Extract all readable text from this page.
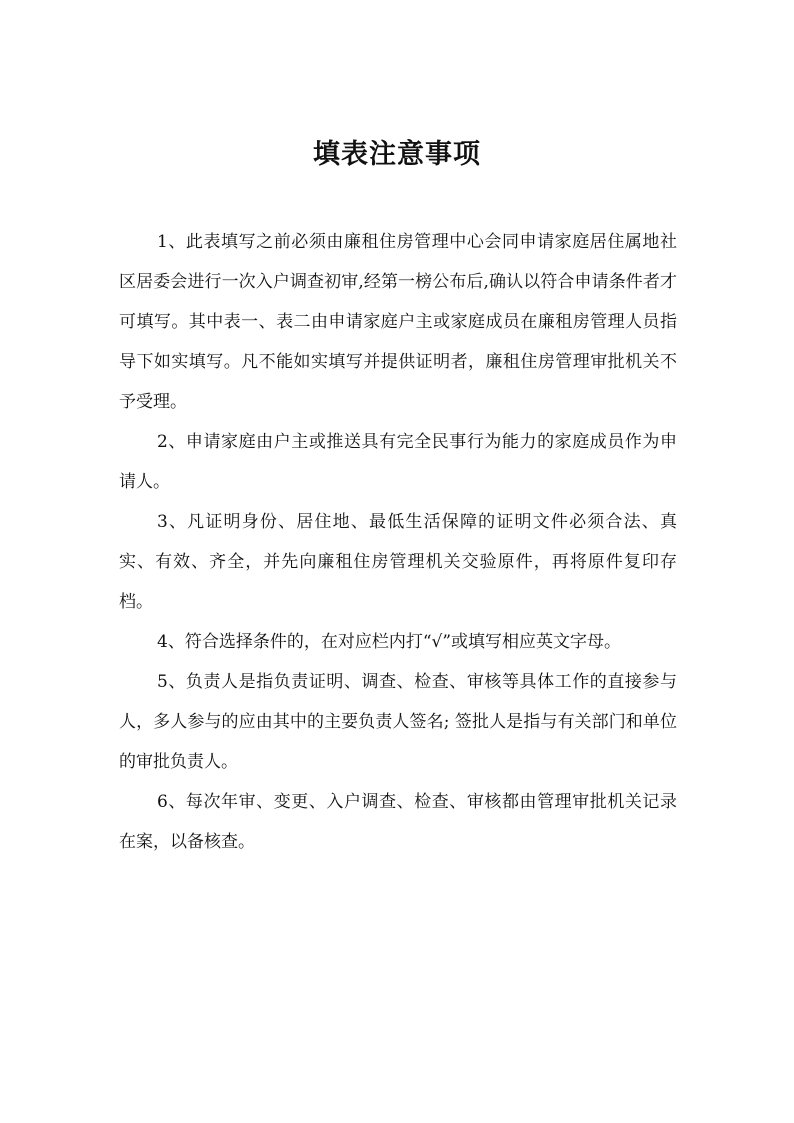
填表注意事项

1、此表填写之前必须由廉租住房管理中心会同申请家庭居住属地社区居委会进行一次入户调查初审,经第一榜公布后,确认以符合申请条件者才可填写。其中表一、表二由申请家庭户主或家庭成员在廉租房管理人员指导下如实填写。凡不能如实填写并提供证明者，廉租住房管理审批机关不予受理。

2、申请家庭由户主或推送具有完全民事行为能力的家庭成员作为申请人。

3、凡证明身份、居住地、最低生活保障的证明文件必须合法、真实、有效、齐全，并先向廉租住房管理机关交验原件，再将原件复印存档。

4、符合选择条件的，在对应栏内打“√”或填写相应英文字母。

5、负责人是指负责证明、调查、检查、审核等具体工作的直接参与人，多人参与的应由其中的主要负责人签名; 签批人是指与有关部门和单位的审批负责人。

6、每次年审、变更、入户调查、检查、审核都由管理审批机关记录在案，以备核查。
